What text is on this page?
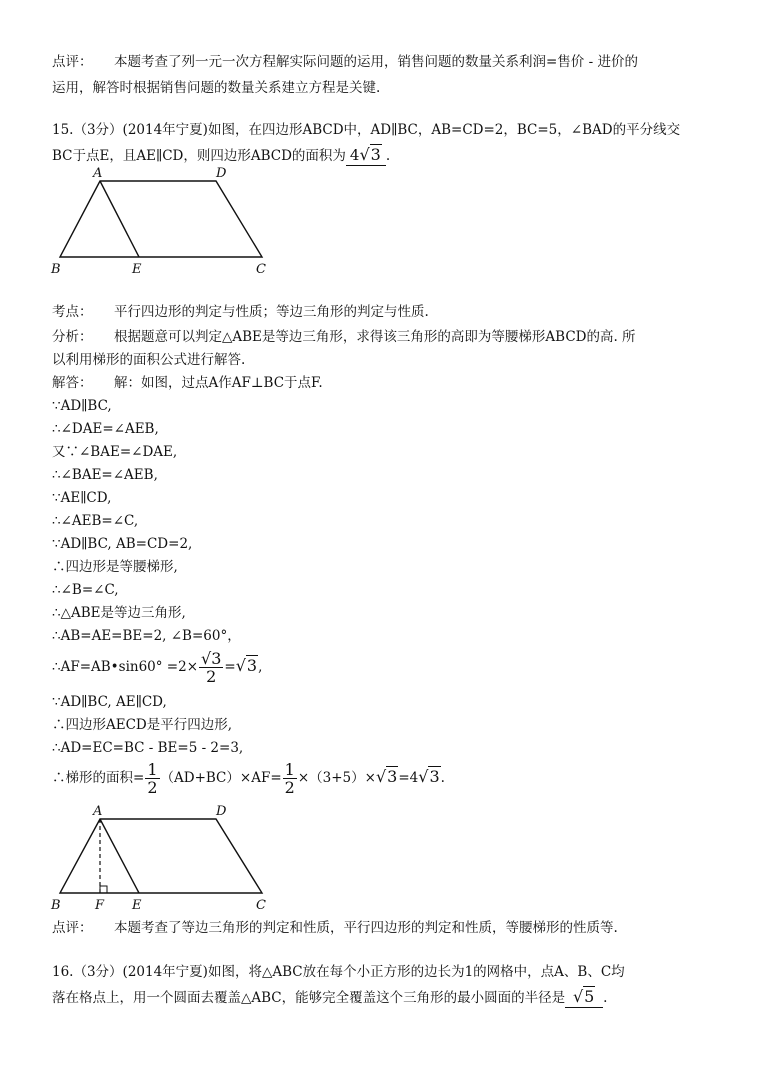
点评： 本题考查了列一元一次方程解实际问题的运用，销售问题的数量关系利润=售价 - 进价的
运用，解答时根据销售问题的数量关系建立方程是关键.
15.（3分）(2014年宁夏)如图，在四边形ABCD中，AD∥BC，AB=CD=2，BC=5，∠BAD的平分线交
BC于点E，且AE∥CD，则四边形ABCD的面积为 4√3 .
A	D
B	E	C
考点： 平行四边形的判定与性质；等边三角形的判定与性质.
分析： 根据题意可以判定△ABE是等边三角形，求得该三角形的高即为等腰梯形ABCD的高. 所
以利用梯形的面积公式进行解答.
解答： 解：如图，过点A作AF⊥BC于点F.
∵AD∥BC,
∴∠DAE=∠AEB,
又∵∠BAE=∠DAE,
∴∠BAE=∠AEB,
∵AE∥CD,
∴∠AEB=∠C,
∵AD∥BC, AB=CD=2,
∴四边形是等腰梯形,
∴∠B=∠C,
∴△ABE是等边三角形,
∴AB=AE=BE=2, ∠B=60°，
∴AF=AB•sin60° $=2\times \frac{√3}{2} =√3$,
∵AD∥BC, AE∥CD,
∴四边形AECD是平行四边形,
∴AD=EC=BC - BE=5 - 2=3,
∴梯形的面积= $\frac{1}{2} (AD+BC)\times AF= \frac{1}{2} \times(3+5)\times√3=4√3$.
A	D
B	F E	C
点评： 本题考查了等边三角形的判定和性质，平行四边形的判定和性质，等腰梯形的性质等.
16.（3分）(2014年宁夏)如图，将△ABC放在每个小正方形的边长为1的网格中，点A、B、C均
落在格点上，用一个圆面去覆盖△ABC，能够完全覆盖这个三角形的最小圆面的半径是 √5 .
